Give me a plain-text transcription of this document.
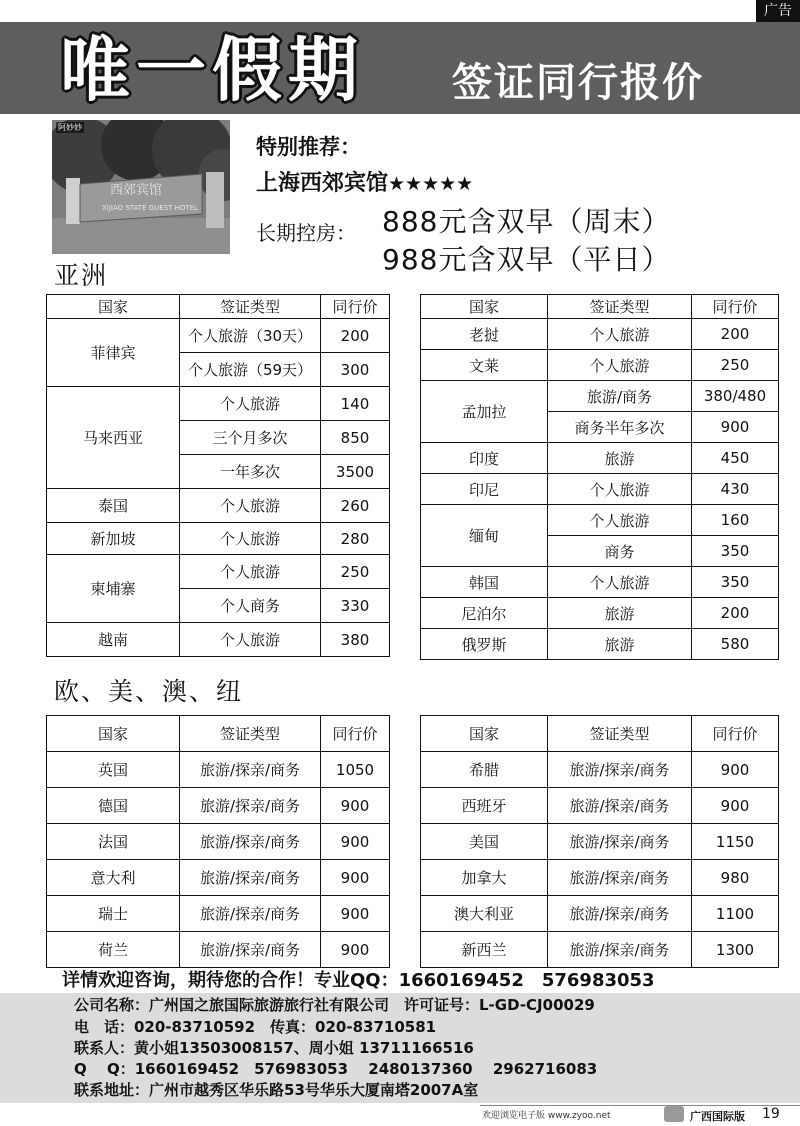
广告
唯一假期 签证同行报价
西郊宾馆
XIJIAO STATE GUEST HOTEL
阿妙妙
特别推荐：
上海西郊宾馆★★★★★
长期控房： 888元含双早（周末）
988元含双早（平日）
亚洲
欧、美、澳、纽
国家	签证类型	同行价
菲律宾	个人旅游（30天）	200
	个人旅游（59天）	300
马来西亚	个人旅游	140
	三个月多次	850
	一年多次	3500
泰国	个人旅游	260
新加坡	个人旅游	280
柬埔寨	个人旅游	250
	个人商务	330
越南	个人旅游	380
国家	签证类型	同行价
老挝	个人旅游	200
文莱	个人旅游	250
孟加拉	旅游/商务	380/480
	商务半年多次	900
印度	旅游	450
印尼	个人旅游	430
缅甸	个人旅游	160
	商务	350
韩国	个人旅游	350
尼泊尔	旅游	200
俄罗斯	旅游	580
国家	签证类型	同行价
英国	旅游/探亲/商务	1050
德国	旅游/探亲/商务	900
法国	旅游/探亲/商务	900
意大利	旅游/探亲/商务	900
瑞士	旅游/探亲/商务	900
荷兰	旅游/探亲/商务	900
国家	签证类型	同行价
希腊	旅游/探亲/商务	900
西班牙	旅游/探亲/商务	900
美国	旅游/探亲/商务	1150
加拿大	旅游/探亲/商务	980
澳大利亚	旅游/探亲/商务	1100
新西兰	旅游/探亲/商务	1300
详情欢迎咨询，期待您的合作！专业QQ：1660169452　576983053
公司名称：广州国之旅国际旅游旅行社有限公司　许可证号：L-GD-CJ00029
电　话：020-83710592　传真：020-83710581
联系人：黄小姐13503008157、周小姐 13711166516
Q　 Q：1660169452　576983053　 2480137360　 2962716083
联系地址：广州市越秀区华乐路53号华乐大厦南塔2007A室
欢迎浏览电子版 www.zyoo.net	广西国际版 19
